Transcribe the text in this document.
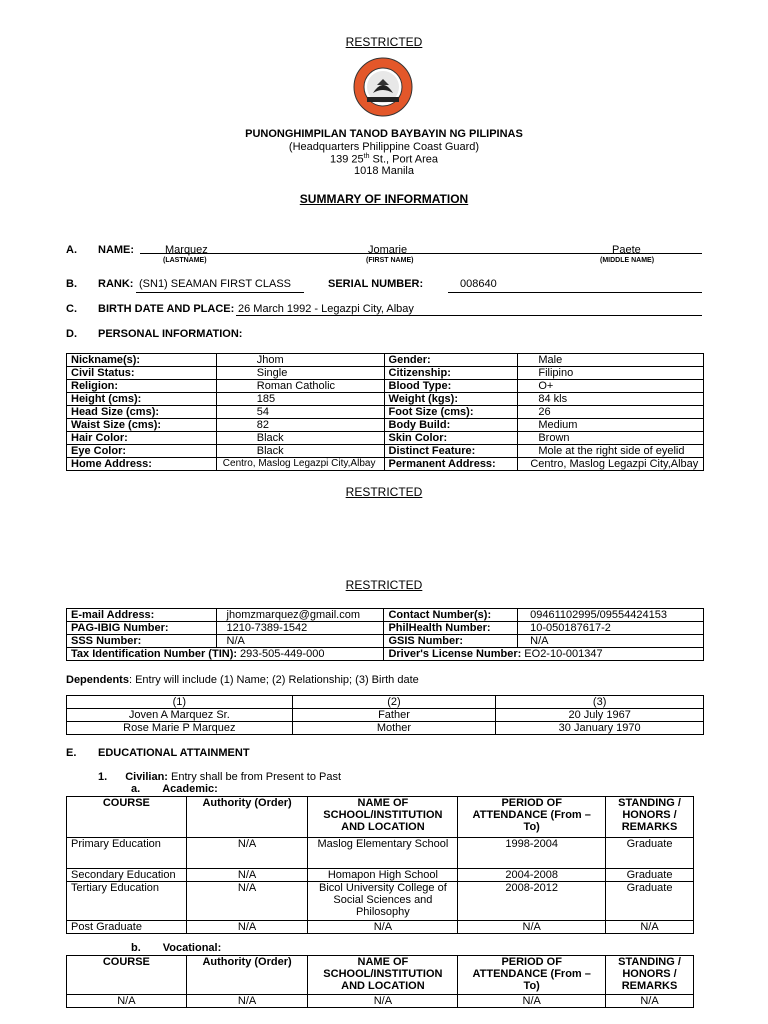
RESTRICTED
PUNONGHIMPILAN TANOD BAYBAYIN NG PILIPINAS
(Headquarters Philippine Coast Guard)
139 25th St., Port Area
1018 Manila
SUMMARY OF INFORMATION
A. NAME:	Marquez	Jomarie	Paete
(LASTNAME)	(FIRST NAME)	(MIDDLE NAME)
B. RANK: (SN1) SEAMAN FIRST CLASS	SERIAL NUMBER:	008640
C. BIRTH DATE AND PLACE: 26 March 1992 - Legazpi City, Albay
D. PERSONAL INFORMATION:
Nickname(s):	Jhom	Gender:	Male
Civil Status:	Single	Citizenship:	Filipino
Religion:	Roman Catholic	Blood Type:	O+
Height (cms):	185	Weight (kgs):	84 kls
Head Size (cms):	54	Foot Size (cms):	26
Waist Size (cms):	82	Body Build:	Medium
Hair Color:	Black	Skin Color:	Brown
Eye Color:	Black	Distinct Feature:	Mole at the right side of eyelid
Home Address:	Centro, Maslog Legazpi City,Albay	Permanent Address:	Centro, Maslog Legazpi City,Albay
RESTRICTED
RESTRICTED
E-mail Address:	jhomzmarquez@gmail.com	Contact Number(s):	09461102995/09554424153
PAG-IBIG Number:	1210-7389-1542	PhilHealth Number:	10-050187617-2
SSS Number:	N/A	GSIS Number:	N/A
Tax Identification Number (TIN): 293-505-449-000		Driver's License Number: EO2-10-001347	
Dependents: Entry will include (1) Name; (2) Relationship; (3) Birth date
(1)	(2)	(3)
Joven A Marquez Sr.	Father	20 July 1967
Rose Marie P Marquez	Mother	30 January 1970
E. EDUCATIONAL ATTAINMENT
1. Civilian: Entry shall be from Present to Past
a. Academic:
COURSE	Authority (Order)	NAME OF SCHOOL/INSTITUTION AND LOCATION	PERIOD OF ATTENDANCE (From – To)	STANDING / HONORS / REMARKS
Primary Education	N/A	Maslog Elementary School	1998-2004	Graduate
Secondary Education	N/A	Homapon High School	2004-2008	Graduate
Tertiary Education	N/A	Bicol University College of Social Sciences and Philosophy	2008-2012	Graduate
Post Graduate	N/A	N/A	N/A	N/A
b. Vocational:
COURSE	Authority (Order)	NAME OF SCHOOL/INSTITUTION AND LOCATION	PERIOD OF ATTENDANCE (From – To)	STANDING / HONORS / REMARKS
N/A	N/A	N/A	N/A	N/A
